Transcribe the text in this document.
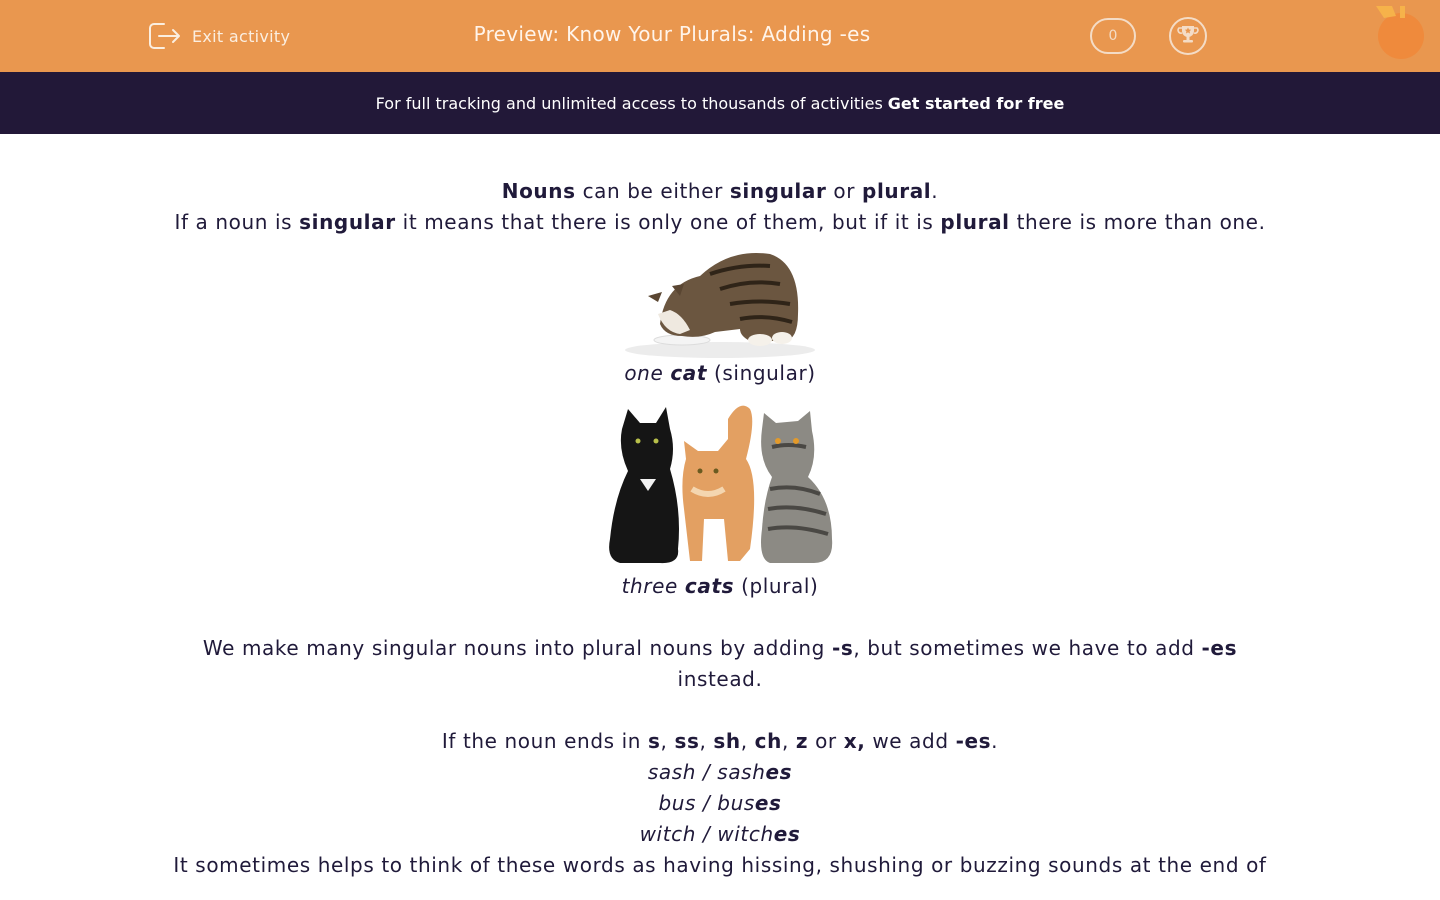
Exit activity	Preview: Know Your Plurals: Adding -es	0
For full tracking and unlimited access to thousands of activities Get started for free

Nouns can be either singular or plural.

If a noun is singular it means that there is only one of them, but if it is plural there is more than one.

one cat (singular)

three cats (plural)

We make many singular nouns into plural nouns by adding -s, but sometimes we have to add -es instead.

If the noun ends in s, ss, sh, ch, z or x, we add -es.

sash / sashes

bus / buses

witch / witches

It sometimes helps to think of these words as having hissing, shushing or buzzing sounds at the end of
